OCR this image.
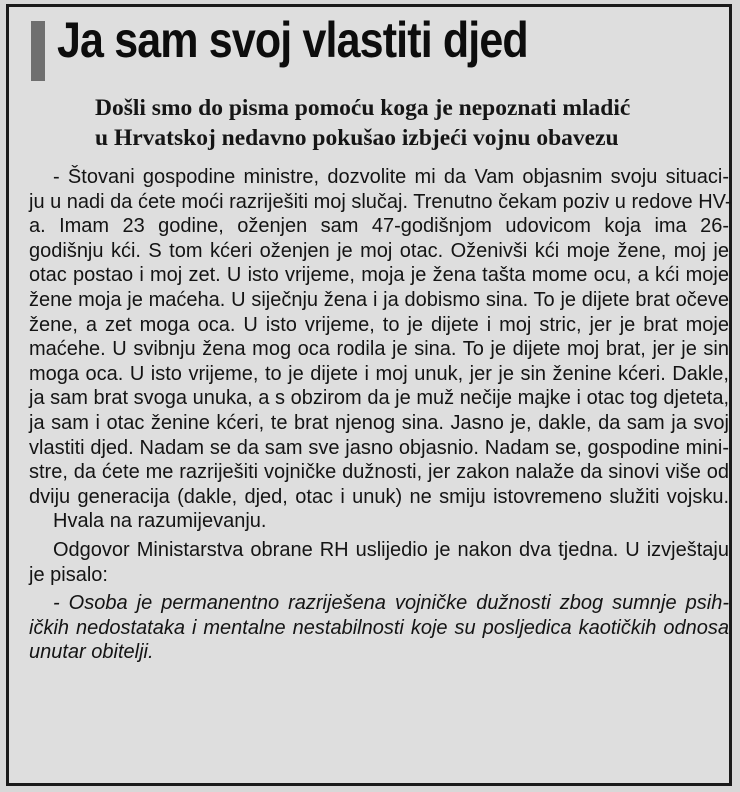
Ja sam svoj vlastiti djed
Došli smo do pisma pomoću koga je nepoznati mladić
u Hrvatskoj nedavno pokušao izbjeći vojnu obavezu
- Štovani gospodine ministre, dozvolite mi da Vam objasnim svoju situaci-
ju u nadi da ćete moći razriješiti moj slučaj. Trenutno čekam poziv u redove HV-
a. Imam 23 godine, oženjen sam 47-godišnjom udovicom koja ima 26-
godišnju kći. S tom kćeri oženjen je moj otac. Oženivši kći moje žene, moj je
otac postao i moj zet. U isto vrijeme, moja je žena tašta mome ocu, a kći moje
žene moja je maćeha. U siječnju žena i ja dobismo sina. To je dijete brat očeve
žene, a zet moga oca. U isto vrijeme, to je dijete i moj stric, jer je brat moje
maćehe. U svibnju žena mog oca rodila je sina. To je dijete moj brat, jer je sin
moga oca. U isto vrijeme, to je dijete i moj unuk, jer je sin ženine kćeri. Dakle,
ja sam brat svoga unuka, a s obzirom da je muž nečije majke i otac tog djeteta,
ja sam i otac ženine kćeri, te brat njenog sina. Jasno je, dakle, da sam ja svoj
vlastiti djed. Nadam se da sam sve jasno objasnio. Nadam se, gospodine mini-
stre, da ćete me razriješiti vojničke dužnosti, jer zakon nalaže da sinovi više od
dviju generacija (dakle, djed, otac i unuk) ne smiju istovremeno služiti vojsku.
Hvala na razumijevanju.
Odgovor Ministarstva obrane RH uslijedio je nakon dva tjedna. U izvještaju
je pisalo:
- Osoba je permanentno razriješena vojničke dužnosti zbog sumnje psih-
ičkih nedostataka i mentalne nestabilnosti koje su posljedica kaotičkih odnosa
unutar obitelji.
